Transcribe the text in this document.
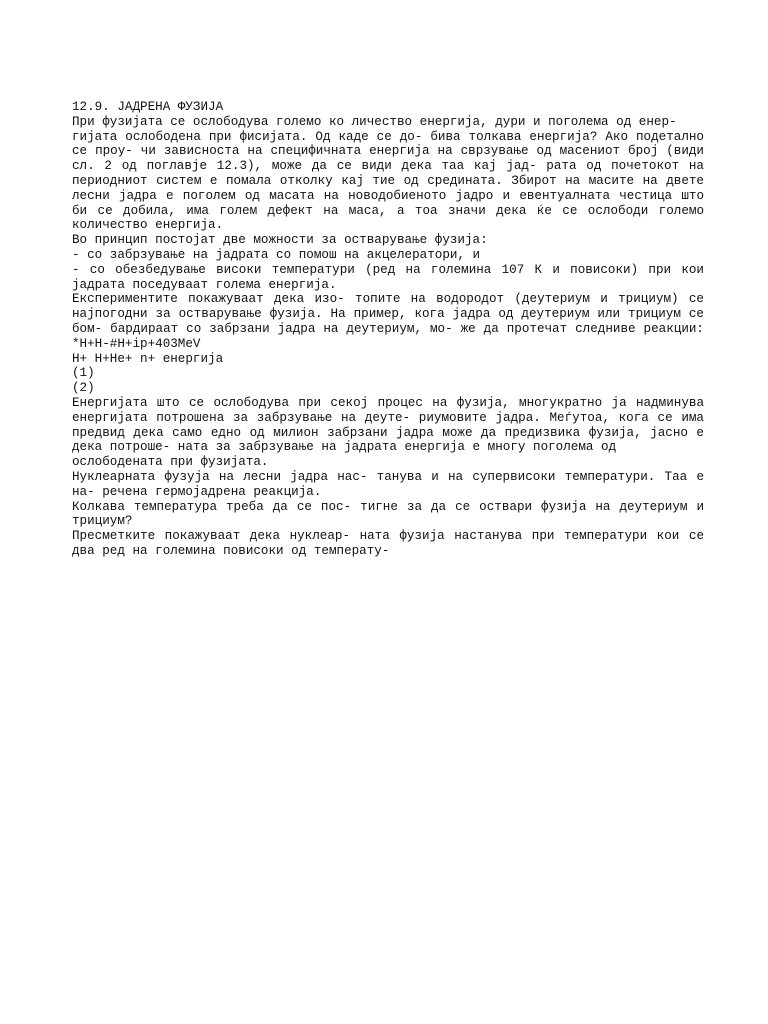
12.9. ЈАДРЕНА ФУЗИЈА
При фузијата се ослободува големо ко личество енергија, дури и поголема од енер-
гијата ослободена при фисијата. Од каде се до- бива толкава енергија? Ако подетално
се проу- чи зависноста на специфичната енергија на сврзување од масениот број (види
сл. 2 од поглавје 12.3), може да се види дека таа кај јад- рата од почетокот на
периодниот систем е помала отколку кај тие од средината. Збирот на масите на двете
лесни јадра е поголем од масата на новодобиеното јадро и евентуалната честица што
би се добила, има голем дефект на маса, а тоа значи дека ќе се ослободи големо
количество енергија.
Во принцип постојат две можности за остварување фузија:
- со забрзување на јадрата со помош на акцелератори, и
- со обезбедување високи температури (ред на големина 107 К и повисоки) при кои
јадрата поседуваат голема енергија.
Експериментите покажуваат дека изо- топите на водородот (деутериум и трициум) се
најпогодни за остварување фузија. На пример, кога јадра од деутериум или трициум се
бом- бардираат со забрзани јадра на деутериум, мо- же да протечат следниве реакции:
*H+H-#H+ip+403MeV
H+ H+He+ n+ енергија
(1)
(2)
Енергијата што се ослободува при секој процес на фузија, многукратно ја надминува
енергијата потрошена за забрзување на деуте- риумовите јадра. Меѓутоа, кога се има
предвид дека само едно од милион забрзани јадра може да предизвика фузија, јасно е
дека потроше- ната за забрзување на јадрата енергија е многу поголема од
ослободената при фузијата.
Нуклеарната фузуја на лесни јадра нас- танува и на супервисоки температури. Таа е
на- речена гермојадрена реакција.
Колкава температура треба да се пос- тигне за да се оствари фузија на деутериум и
трициум?
Пресметките покажуваат дека нуклеар- ната фузија настанува при температури кои се
два ред на големина повисоки од температу-
